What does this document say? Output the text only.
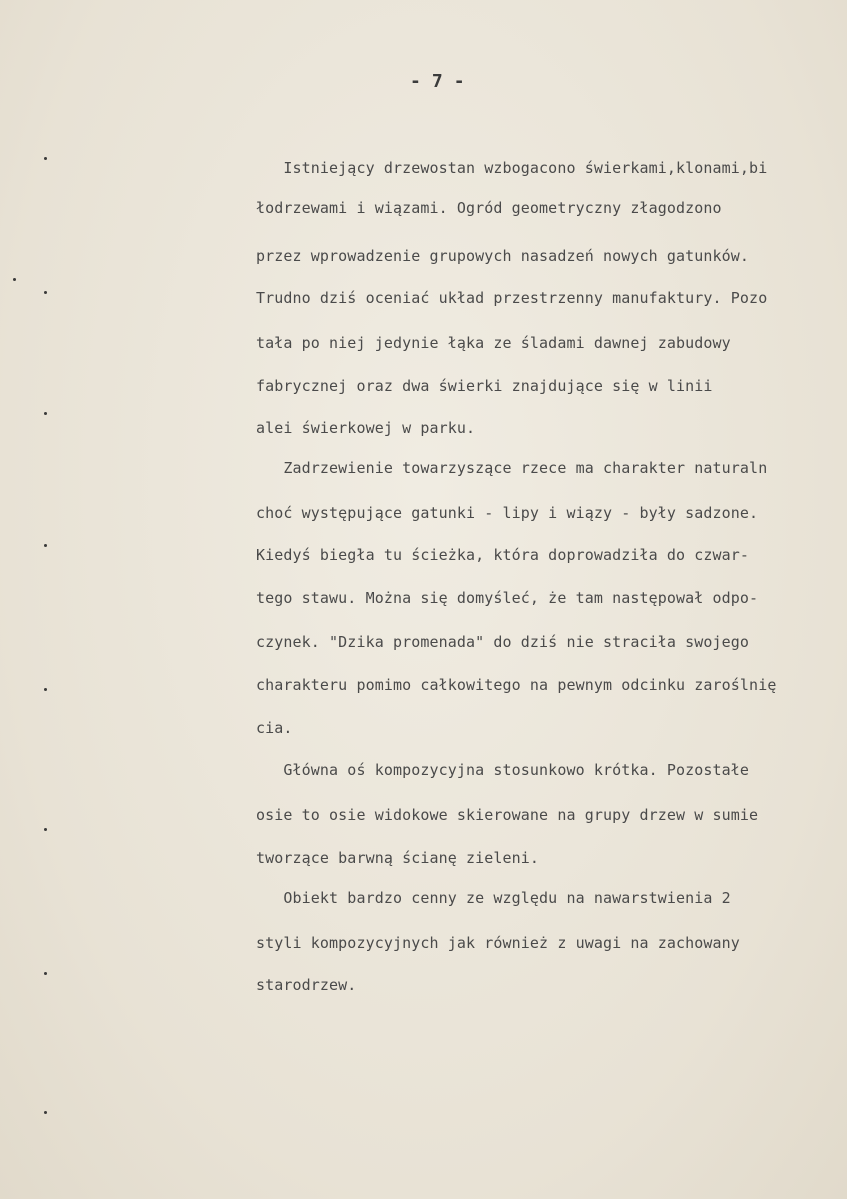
- 7 -

Istniejący drzewostan wzbogacono świerkami,klonami,bi

łodrzewami i wiązami. Ogród geometryczny złagodzono

przez wprowadzenie grupowych nasadzeń nowych gatunków.

Trudno dziś oceniać układ przestrzenny manufaktury. Pozo

tała po niej jedynie łąka ze śladami dawnej zabudowy

fabrycznej oraz dwa świerki znajdujące się w linii

alei świerkowej w parku.

Zadrzewienie towarzyszące rzece ma charakter naturaln

choć występujące gatunki - lipy i wiązy - były sadzone.

Kiedyś biegła tu ścieżka, która doprowadziła do czwar-

tego stawu. Można się domyśleć, że tam następował odpo-

czynek. "Dzika promenada" do dziś nie straciła swojego

charakteru pomimo całkowitego na pewnym odcinku zaroślnię

cia.

Główna oś kompozycyjna stosunkowo krótka. Pozostałe

osie to osie widokowe skierowane na grupy drzew w sumie

tworzące barwną ścianę zieleni.

Obiekt bardzo cenny ze względu na nawarstwienia 2

styli kompozycyjnych jak również z uwagi na zachowany

starodrzew.
